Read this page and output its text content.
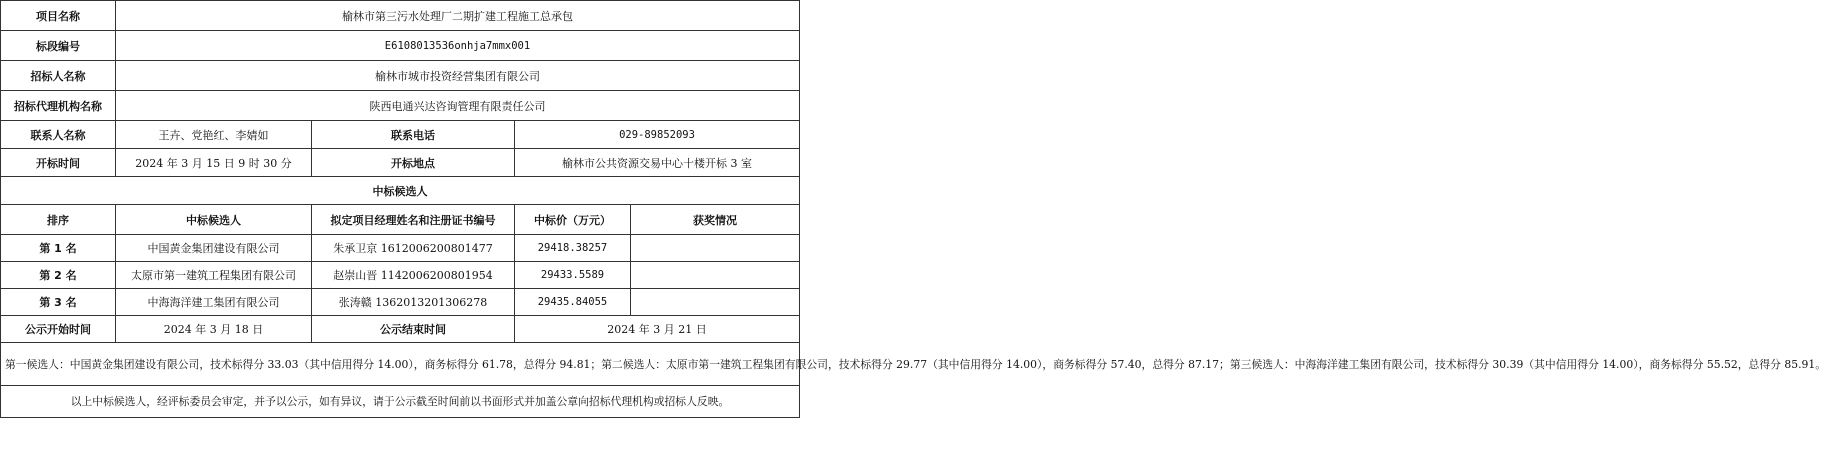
项目名称	榆林市第三污水处理厂二期扩建工程施工总承包			
标段编号	E6108013536onhja7mmx001			
招标人名称	榆林市城市投资经营集团有限公司			
招标代理机构名称	陕西电通兴达咨询管理有限责任公司			
联系人名称	王卉、党艳红、李婧如	联系电话	029-89852093	
开标时间	2024 年 3 月 15 日 9 时 30 分	开标地点	榆林市公共资源交易中心十楼开标 3 室	
中标候选人				
排序	中标候选人	拟定项目经理姓名和注册证书编号	中标价（万元）	获奖情况
第 1 名	中国黄金集团建设有限公司	朱承卫京 1612006200801477	29418.38257	
第 2 名	太原市第一建筑工程集团有限公司	赵崇山晋 1142006200801954	29433.5589	
第 3 名	中海海洋建工集团有限公司	张涛赣 1362013201306278	29435.84055	
公示开始时间	2024 年 3 月 18 日	公示结束时间	2024 年 3 月 21 日	
第一候选人：中国黄金集团建设有限公司，技术标得分 33.03（其中信用得分 14.00），商务标得分 61.78，总得分 94.81；第二候选人：太原市第一建筑工程集团有限公司，技术标得分 29.77（其中信用得分 14.00），商务标得分 57.40，总得分 87.17；第三候选人：中海海洋建工集团有限公司，技术标得分 30.39（其中信用得分 14.00），商务标得分 55.52，总得分 85.91。				
以上中标候选人，经评标委员会审定，并予以公示，如有异议，请于公示截至时间前以书面形式并加盖公章向招标代理机构或招标人反映。				
